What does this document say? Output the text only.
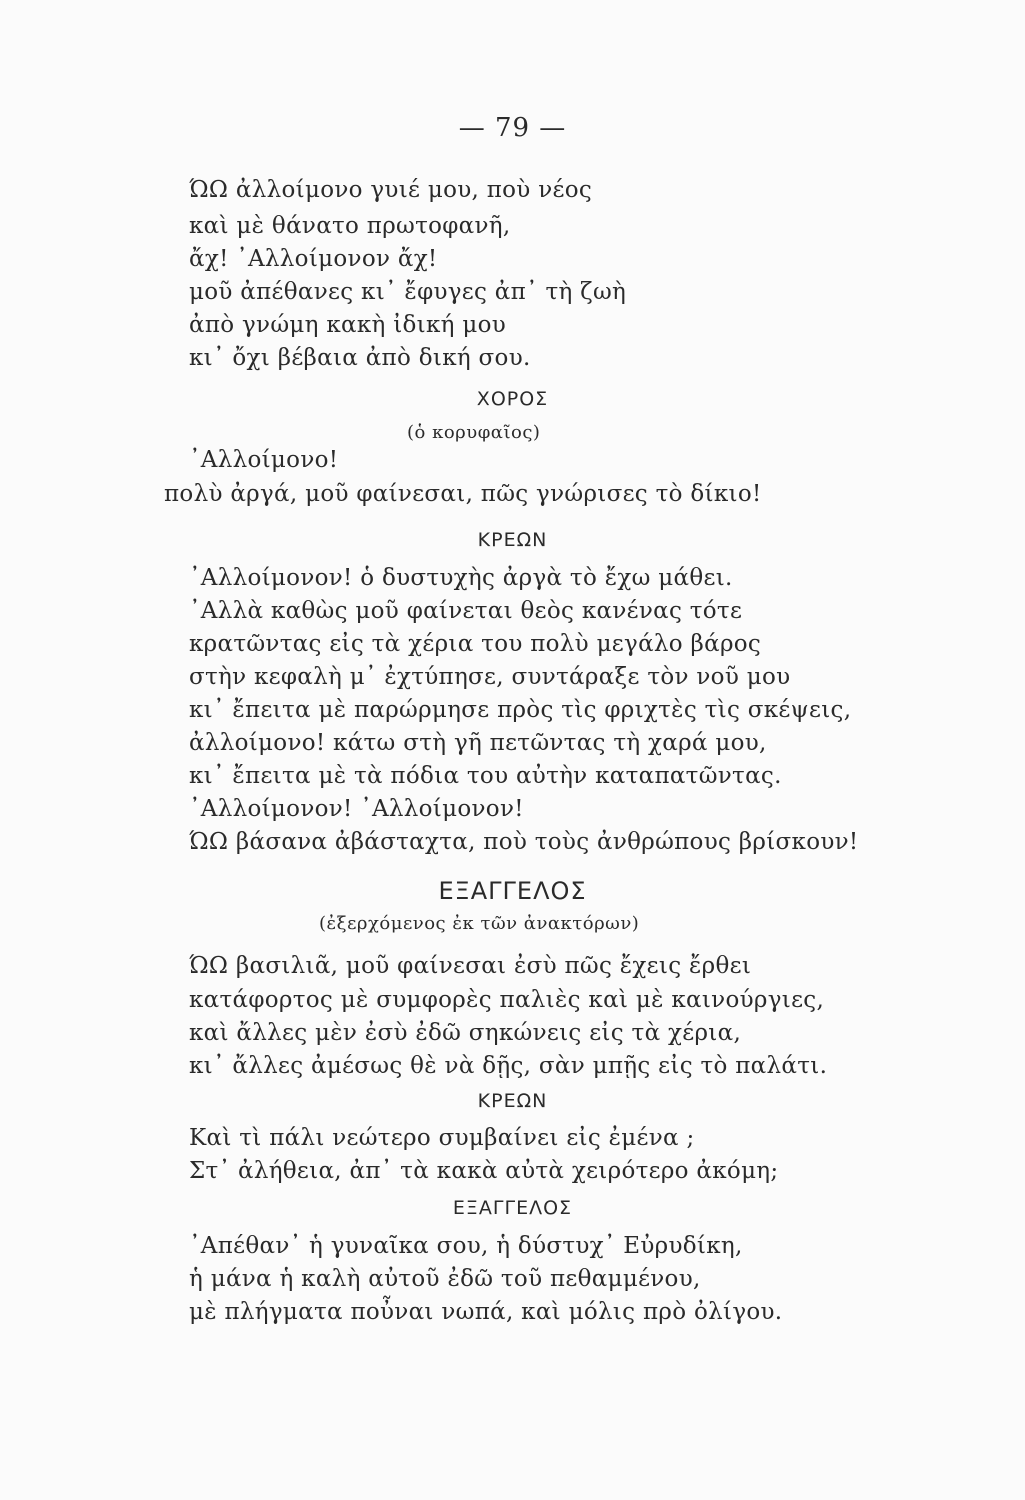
— 79 —
ΏΩ ἀλλοίμονο γυιέ μου, ποὺ νέος
καὶ μὲ θάνατο πρωτοφανῆ,
ἄχ! ᾿Αλλοίμονον ἄχ!
μοῦ ἀπέθανες κι᾽ ἔφυγες ἀπ᾽ τὴ ζωὴ
ἀπὸ γνώμη κακὴ ἰδική μου
κι᾽ ὄχι βέβαια ἀπὸ δική σου.
ΧΟΡΟΣ
(ὁ κορυφαῖος)
᾿Αλλοίμονο!
πολὺ ἀργά, μοῦ φαίνεσαι, πῶς γνώρισες τὸ δίκιο!
ΚΡΕΩΝ
᾿Αλλοίμονον! ὁ δυστυχὴς ἀργὰ τὸ ἔχω μάθει.
᾿Αλλὰ καθὼς μοῦ φαίνεται θεὸς κανένας τότε
κρατῶντας εἰς τὰ χέρια του πολὺ μεγάλο βάρος
στὴν κεφαλὴ μ᾽ ἐχτύπησε, συντάραξε τὸν νοῦ μου
κι᾽ ἔπειτα μὲ παρώρμησε πρὸς τὶς φριχτὲς τὶς σκέψεις,
ἀλλοίμονο! κάτω στὴ γῆ πετῶντας τὴ χαρά μου,
κι᾽ ἔπειτα μὲ τὰ πόδια του αὐτὴν καταπατῶντας.
᾿Αλλοίμονον! ᾿Αλλοίμονον!
ΏΩ βάσανα ἀβάσταχτα, ποὺ τοὺς ἀνθρώπους βρίσκουν!
ΕΞΑΓΓΕΛΟΣ
(ἐξερχόμενος ἐκ τῶν ἀνακτόρων)
ΏΩ βασιλιᾶ, μοῦ φαίνεσαι ἐσὺ πῶς ἔχεις ἔρθει
κατάφορτος μὲ συμφορὲς παλιὲς καὶ μὲ καινούργιες,
καὶ ἄλλες μὲν ἐσὺ ἐδῶ σηκώνεις εἰς τὰ χέρια,
κι᾽ ἄλλες ἀμέσως θὲ νὰ δῇς, σὰν μπῇς εἰς τὸ παλάτι.
ΚΡΕΩΝ
Καὶ τὶ πάλι νεώτερο συμβαίνει εἰς ἐμένα ;
Στ᾽ ἀλήθεια, ἀπ᾽ τὰ κακὰ αὐτὰ χειρότερο ἀκόμη;
ΕΞΑΓΓΕΛΟΣ
᾿Απέθαν᾽ ἡ γυναῖκα σου, ἡ δύστυχ᾽ Εὐρυδίκη,
ἡ μάνα ἡ καλὴ αὐτοῦ ἐδῶ τοῦ πεθαμμένου,
μὲ πλήγματα ποὖναι νωπά, καὶ μόλις πρὸ ὀλίγου.
